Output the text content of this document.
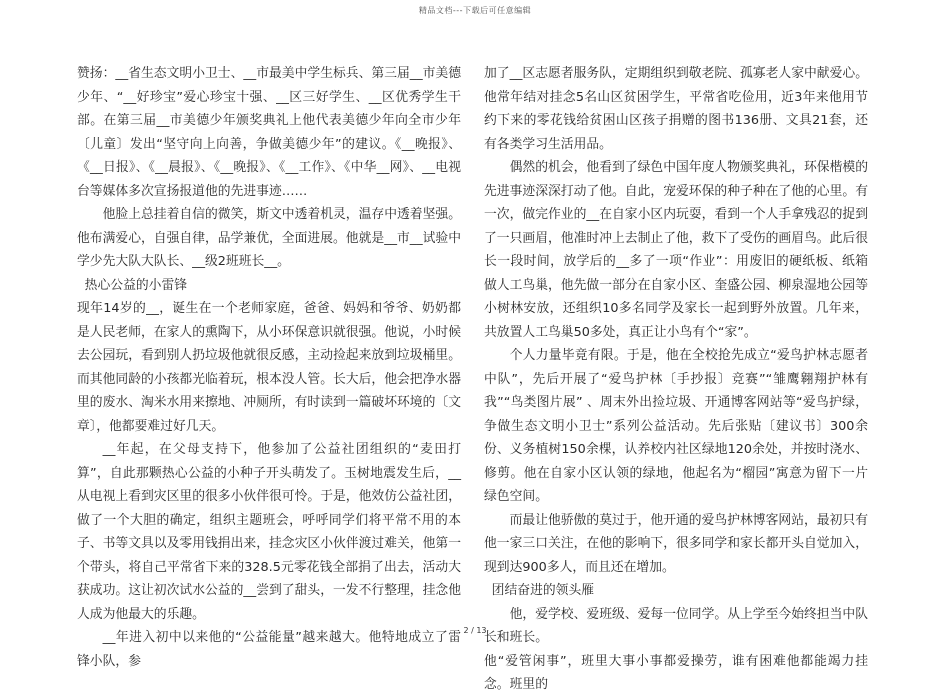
精品文档---下载后可任意编辑

赞扬：__省生态文明小卫士、__市最美中学生标兵、第三届__市美德少年、“__好珍宝”爱心珍宝十强、__区三好学生、__区优秀学生干部。在第三届__市美德少年颁奖典礼上他代表美德少年向全市少年〔儿童〕发出“坚守向上向善，争做美德少年”的建议。《__晚报》、《__日报》、《__晨报》、《__晚报》、《__工作》、《中华__网》、__电视台等媒体多次宣扬报道他的先进事迹……

他脸上总挂着自信的微笑，斯文中透着机灵，温存中透着坚强。他布满爱心，自强自律，品学兼优，全面进展。他就是__市__试验中学少先大队大队长、__级2班班长__。

热心公益的小雷锋

现年14岁的__，诞生在一个老师家庭，爸爸、妈妈和爷爷、奶奶都是人民老师，在家人的熏陶下，从小环保意识就很强。他说，小时候去公园玩，看到别人扔垃圾他就很反感，主动捡起来放到垃圾桶里。而其他同龄的小孩都光临着玩，根本没人管。长大后，他会把净水器里的废水、淘米水用来擦地、冲厕所，有时读到一篇破坏环境的〔文章〕，他都要难过好几天。

__年起，在父母支持下，他参加了公益社团组织的“麦田打算”，自此那颗热心公益的小种子开头萌发了。玉树地震发生后，__从电视上看到灾区里的很多小伙伴很可怜。于是，他效仿公益社团，做了一个大胆的确定，组织主题班会，呼呼同学们将平常不用的本子、书等文具以及零用钱捐出来，挂念灾区小伙伴渡过难关，他第一个带头，将自己平常省下来的328.5元零花钱全部捐了出去，活动大获成功。这让初次试水公益的__尝到了甜头，一发不行整理，挂念他人成为他最大的乐趣。

__年进入初中以来他的“公益能量”越来越大。他特地成立了雷锋小队，参

加了__区志愿者服务队，定期组织到敬老院、孤寡老人家中献爱心。他常年结对挂念5名山区贫困学生，平常省吃俭用，近3年来他用节约下来的零花钱给贫困山区孩子捐赠的图书136册、文具21套，还有各类学习生活用品。

偶然的机会，他看到了绿色中国年度人物颁奖典礼，环保楷模的先进事迹深深打动了他。自此，宠爱环保的种子种在了他的心里。有一次，做完作业的__在自家小区内玩耍，看到一个人手拿残忍的捉到了一只画眉，他准时冲上去制止了他，救下了受伤的画眉鸟。此后很长一段时间，放学后的__多了一项“作业”：用废旧的硬纸板、纸箱做人工鸟巢，他先做一部分在自家小区、奎盛公园、柳泉湿地公园等小树林安放，还组织10多名同学及家长一起到野外放置。几年来，共放置人工鸟巢50多处，真正让小鸟有个“家”。

个人力量毕竟有限。于是，他在全校抢先成立“爱鸟护林志愿者中队”，先后开展了“爱鸟护林〔手抄报〕竞赛”“雏鹰翱翔护林有我”“鸟类图片展” 、周末外出捡垃圾、开通博客网站等“爱鸟护绿，争做生态文明小卫士”系列公益活动。先后张贴〔建议书〕300余份、义务植树150余棵，认养校内社区绿地120余处，并按时浇水、修剪。他在自家小区认领的绿地，他起名为“榴园”寓意为留下一片绿色空间。

而最让他骄傲的莫过于，他开通的爱鸟护林博客网站，最初只有他一家三口关注，在他的影响下，很多同学和家长都开头自觉加入，现到达900多人，而且还在增加。

团结奋进的领头雁

他，爱学校、爱班级、爱每一位同学。从上学至今始终担当中队长和班长。

他“爱管闲事”，班里大事小事都爱操劳，谁有困难他都能竭力挂念。班里的

2 / 13
